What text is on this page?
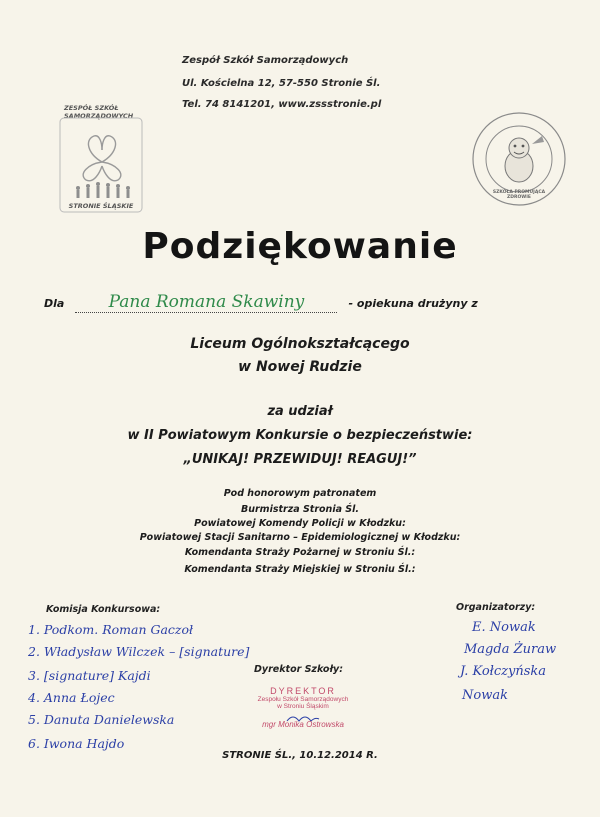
Zespół Szkół Samorządowych
Ul. Kościelna 12, 57-550 Stronie Śl.
Tel. 74 8141201, www.zssstronie.pl
ZESPÓŁ SZKÓŁ SAMORZĄDOWYCH
STRONIE ŚLĄSKIE
SZKOŁA PROMUJĄCA ZDROWIE
Podziękowanie
Dla	Pana Romana Skawiny	- opiekuna drużyny z
Liceum Ogólnokształcącego
w Nowej Rudzie
za udział
w II Powiatowym Konkursie o bezpieczeństwie:
„UNIKAJ! PRZEWIDUJ! REAGUJ!”
Pod honorowym patronatem
Burmistrza Stronia Śl.
Powiatowej Komendy Policji w Kłodzku:
Powiatowej Stacji Sanitarno – Epidemiologicznej w Kłodzku:
Komendanta Straży Pożarnej w Stroniu Śl.:
Komendanta Straży Miejskiej w Stroniu Śl.:
Komisja Konkursowa:
1. Podkom. Roman Gaczoł
2. Władysław Wilczek – [signature]
3. [signature] Kajdi
4. Anna Łojec
5. Danuta Danielewska
6. Iwona Hajdo
Organizatorzy:
E. Nowak
Magda Żuraw
J. Kołczyńska
Nowak
Dyrektor Szkoły:
DYREKTOR
Zespołu Szkół Samorządowych
w Stroniu Śląskim
mgr Monika Ostrowska
STRONIE ŚL., 10.12.2014 R.
